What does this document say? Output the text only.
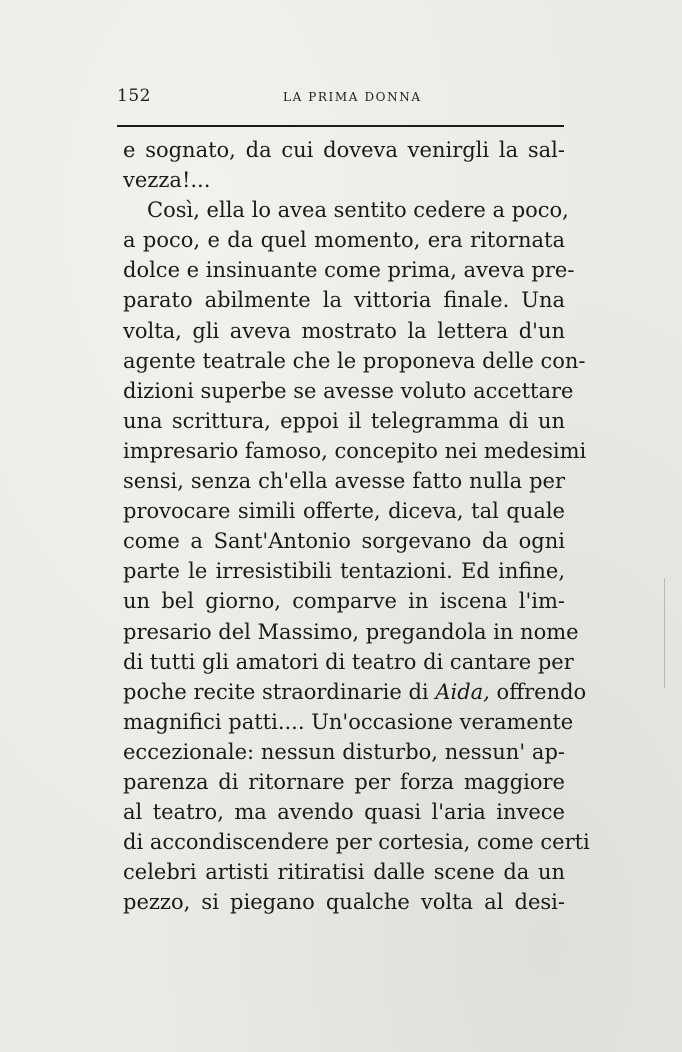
152	LA PRIMA DONNA
e sognato, da cui doveva venirgli la sal-
vezza!...
Così, ella lo avea sentito cedere a poco,
a poco, e da quel momento, era ritornata
dolce e insinuante come prima, aveva pre-
parato abilmente la vittoria finale. Una
volta, gli aveva mostrato la lettera d'un
agente teatrale che le proponeva delle con-
dizioni superbe se avesse voluto accettare
una scrittura, eppoi il telegramma di un
impresario famoso, concepito nei medesimi
sensi, senza ch'ella avesse fatto nulla per
provocare simili offerte, diceva, tal quale
come a Sant'Antonio sorgevano da ogni
parte le irresistibili tentazioni. Ed infine,
un bel giorno, comparve in iscena l'im-
presario del Massimo, pregandola in nome
di tutti gli amatori di teatro di cantare per
poche recite straordinarie di Aida, offrendo
magnifici patti.... Un'occasione veramente
eccezionale: nessun disturbo, nessun' ap-
parenza di ritornare per forza maggiore
al teatro, ma avendo quasi l'aria invece
di accondiscendere per cortesia, come certi
celebri artisti ritiratisi dalle scene da un
pezzo, si piegano qualche volta al desi-
